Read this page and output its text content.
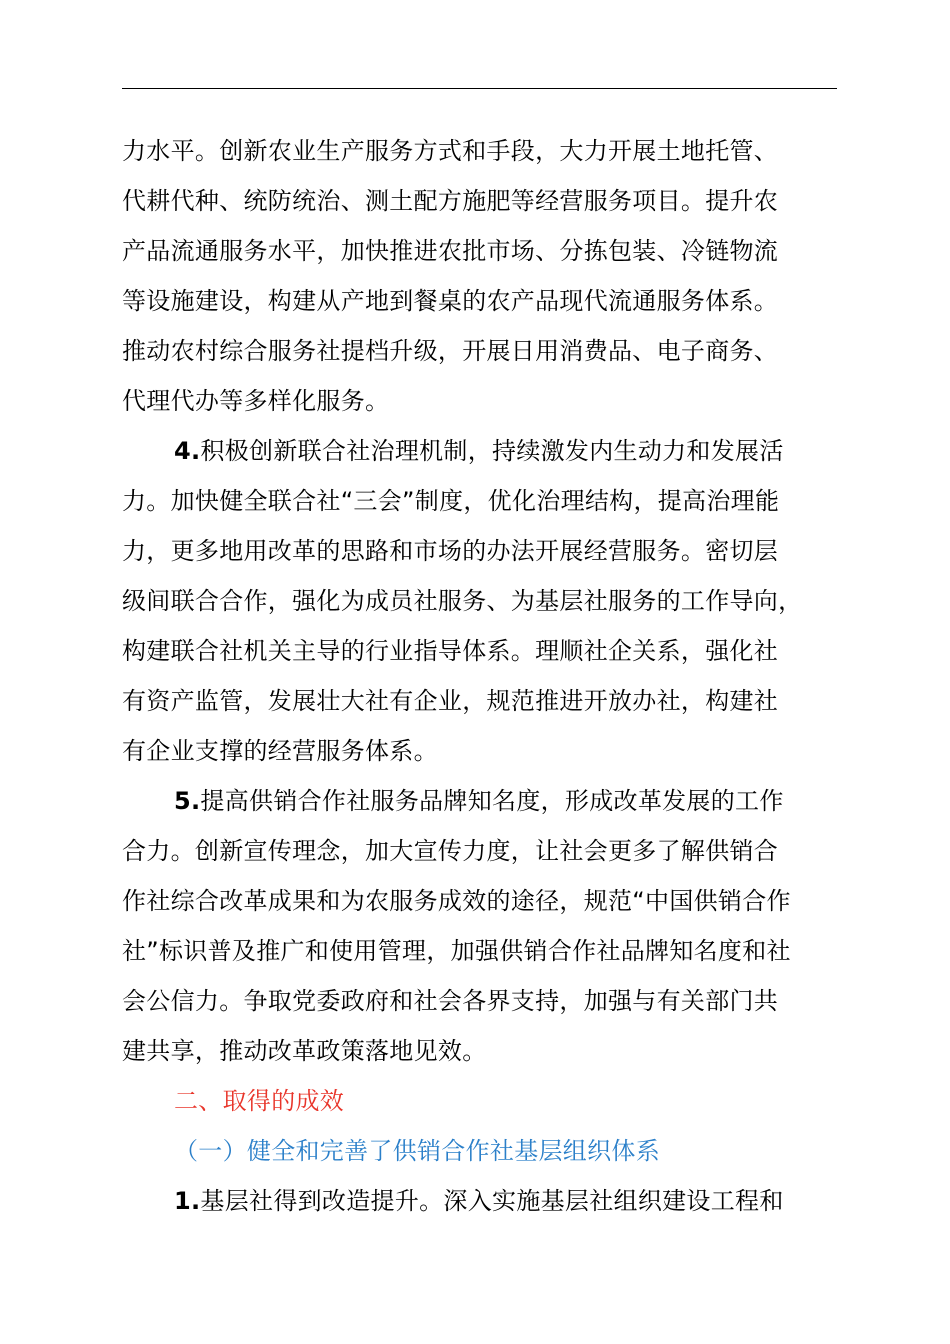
力水平。创新农业生产服务方式和手段，大力开展土地托管、
代耕代种、统防统治、测土配方施肥等经营服务项目。提升农
产品流通服务水平，加快推进农批市场、分拣包装、冷链物流
等设施建设，构建从产地到餐桌的农产品现代流通服务体系。
推动农村综合服务社提档升级，开展日用消费品、电子商务、
代理代办等多样化服务。
4.积极创新联合社治理机制，持续激发内生动力和发展活
力。加快健全联合社“三会”制度，优化治理结构，提高治理能
力，更多地用改革的思路和市场的办法开展经营服务。密切层
级间联合合作，强化为成员社服务、为基层社服务的工作导向，
构建联合社机关主导的行业指导体系。理顺社企关系，强化社
有资产监管，发展壮大社有企业，规范推进开放办社，构建社
有企业支撑的经营服务体系。
5.提高供销合作社服务品牌知名度，形成改革发展的工作
合力。创新宣传理念，加大宣传力度，让社会更多了解供销合
作社综合改革成果和为农服务成效的途径，规范“中国供销合作
社”标识普及推广和使用管理，加强供销合作社品牌知名度和社
会公信力。争取党委政府和社会各界支持，加强与有关部门共
建共享，推动改革政策落地见效。
二、取得的成效
（一）健全和完善了供销合作社基层组织体系
1.基层社得到改造提升。深入实施基层社组织建设工程和
